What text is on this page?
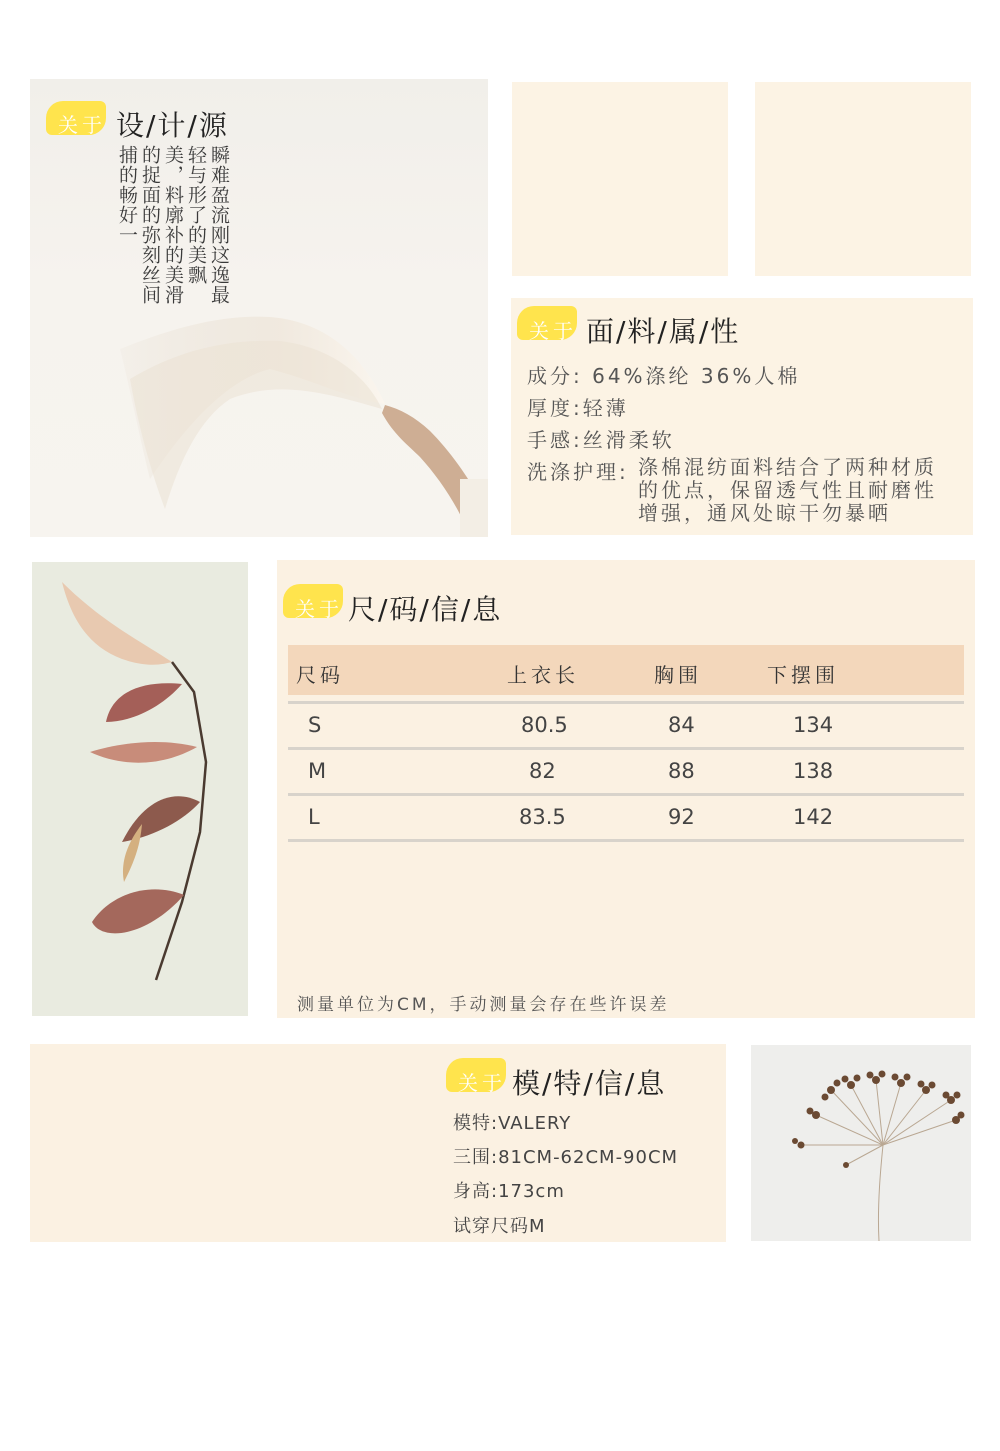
关于 设/计/源
瞬难盈流刚这逸最轻与形了的美飘美，料廓补的美滑的捉面的弥刻丝间捕的畅好一
关于 面/料/属/性
成分: 64%涤纶 36%人棉
厚度:轻薄
手感:丝滑柔软
洗涤护理: 涤棉混纺面料结合了两种材质
的优点，保留透气性且耐磨性
增强，通风处晾干勿暴晒
关于 尺/码/信/息
尺码	上衣长	胸围	下摆围
S	80.5	84	134
M	82	88	138
L	83.5	92	142
测量单位为CM，手动测量会存在些许误差
关于 模/特/信/息
模特:VALERY
三围:81CM-62CM-90CM
身高:173cm
试穿尺码M
